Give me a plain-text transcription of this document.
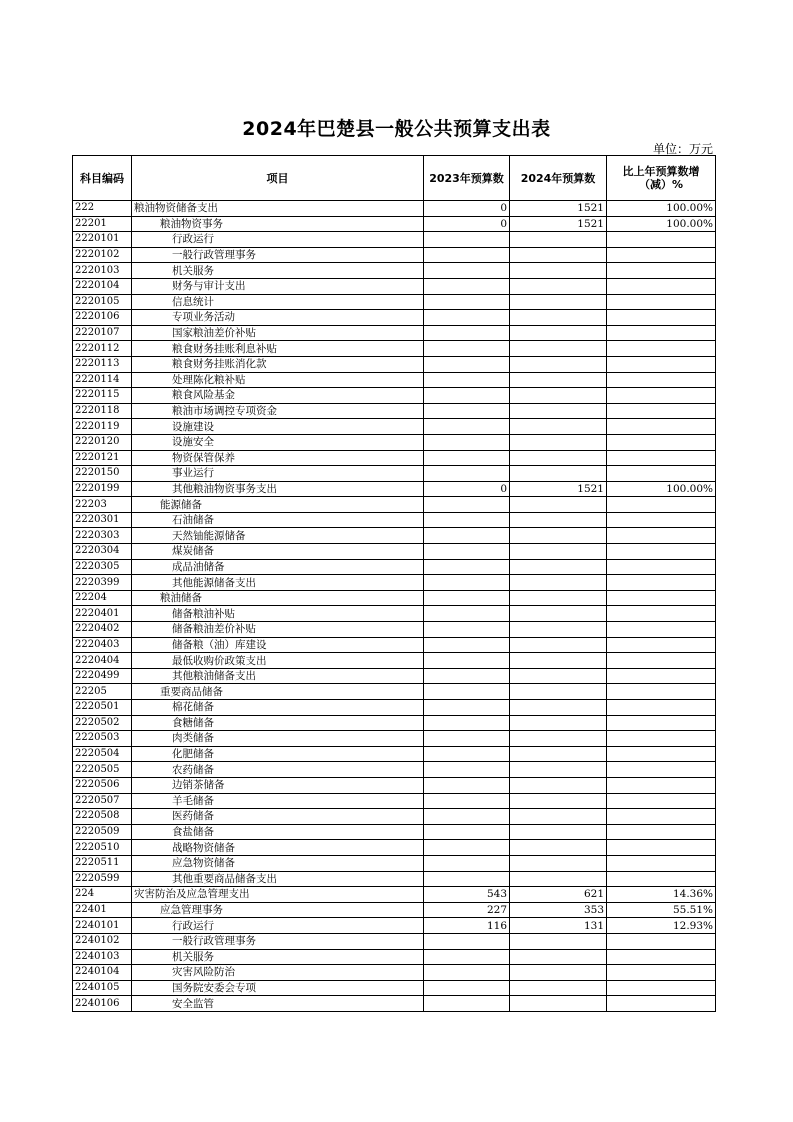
2024年巴楚县一般公共预算支出表
单位：万元
科目编码	项目	2023年预算数	2024年预算数	比上年预算数增（减）%
222	粮油物资储备支出	0	1521	100.00%
22201	粮油物资事务	0	1521	100.00%
2220101	行政运行			
2220102	一般行政管理事务			
2220103	机关服务			
2220104	财务与审计支出			
2220105	信息统计			
2220106	专项业务活动			
2220107	国家粮油差价补贴			
2220112	粮食财务挂账利息补贴			
2220113	粮食财务挂账消化款			
2220114	处理陈化粮补贴			
2220115	粮食风险基金			
2220118	粮油市场调控专项资金			
2220119	设施建设			
2220120	设施安全			
2220121	物资保管保养			
2220150	事业运行			
2220199	其他粮油物资事务支出	0	1521	100.00%
22203	能源储备			
2220301	石油储备			
2220303	天然铀能源储备			
2220304	煤炭储备			
2220305	成品油储备			
2220399	其他能源储备支出			
22204	粮油储备			
2220401	储备粮油补贴			
2220402	储备粮油差价补贴			
2220403	储备粮（油）库建设			
2220404	最低收购价政策支出			
2220499	其他粮油储备支出			
22205	重要商品储备			
2220501	棉花储备			
2220502	食糖储备			
2220503	肉类储备			
2220504	化肥储备			
2220505	农药储备			
2220506	边销茶储备			
2220507	羊毛储备			
2220508	医药储备			
2220509	食盐储备			
2220510	战略物资储备			
2220511	应急物资储备			
2220599	其他重要商品储备支出			
224	灾害防治及应急管理支出	543	621	14.36%
22401	应急管理事务	227	353	55.51%
2240101	行政运行	116	131	12.93%
2240102	一般行政管理事务			
2240103	机关服务			
2240104	灾害风险防治			
2240105	国务院安委会专项			
2240106	安全监管			
